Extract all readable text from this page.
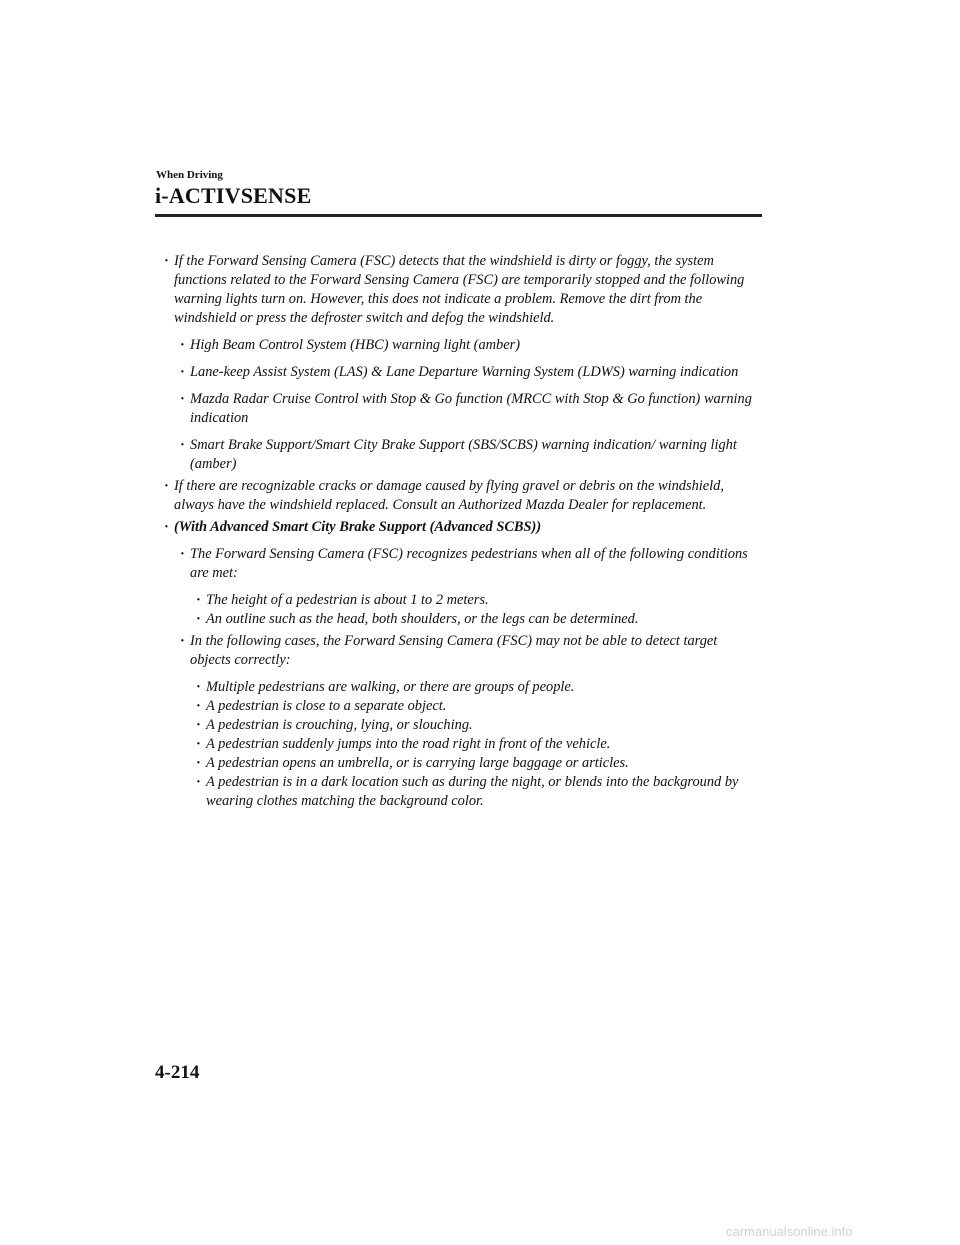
When Driving
i-ACTIVSENSE
· If the Forward Sensing Camera (FSC) detects that the windshield is dirty or foggy, the system functions related to the Forward Sensing Camera (FSC) are temporarily stopped and the following warning lights turn on. However, this does not indicate a problem. Remove the dirt from the windshield or press the defroster switch and defog the windshield.
· High Beam Control System (HBC) warning light (amber)
· Lane-keep Assist System (LAS) & Lane Departure Warning System (LDWS) warning indication
· Mazda Radar Cruise Control with Stop & Go function (MRCC with Stop & Go function) warning indication
· Smart Brake Support/Smart City Brake Support (SBS/SCBS) warning indication/ warning light (amber)
· If there are recognizable cracks or damage caused by flying gravel or debris on the windshield, always have the windshield replaced. Consult an Authorized Mazda Dealer for replacement.
· (With Advanced Smart City Brake Support (Advanced SCBS))
· The Forward Sensing Camera (FSC) recognizes pedestrians when all of the following conditions are met:
· The height of a pedestrian is about 1 to 2 meters.
· An outline such as the head, both shoulders, or the legs can be determined.
· In the following cases, the Forward Sensing Camera (FSC) may not be able to detect target objects correctly:
· Multiple pedestrians are walking, or there are groups of people.
· A pedestrian is close to a separate object.
· A pedestrian is crouching, lying, or slouching.
· A pedestrian suddenly jumps into the road right in front of the vehicle.
· A pedestrian opens an umbrella, or is carrying large baggage or articles.
· A pedestrian is in a dark location such as during the night, or blends into the background by wearing clothes matching the background color.
4-214
carmanualsonline.info
